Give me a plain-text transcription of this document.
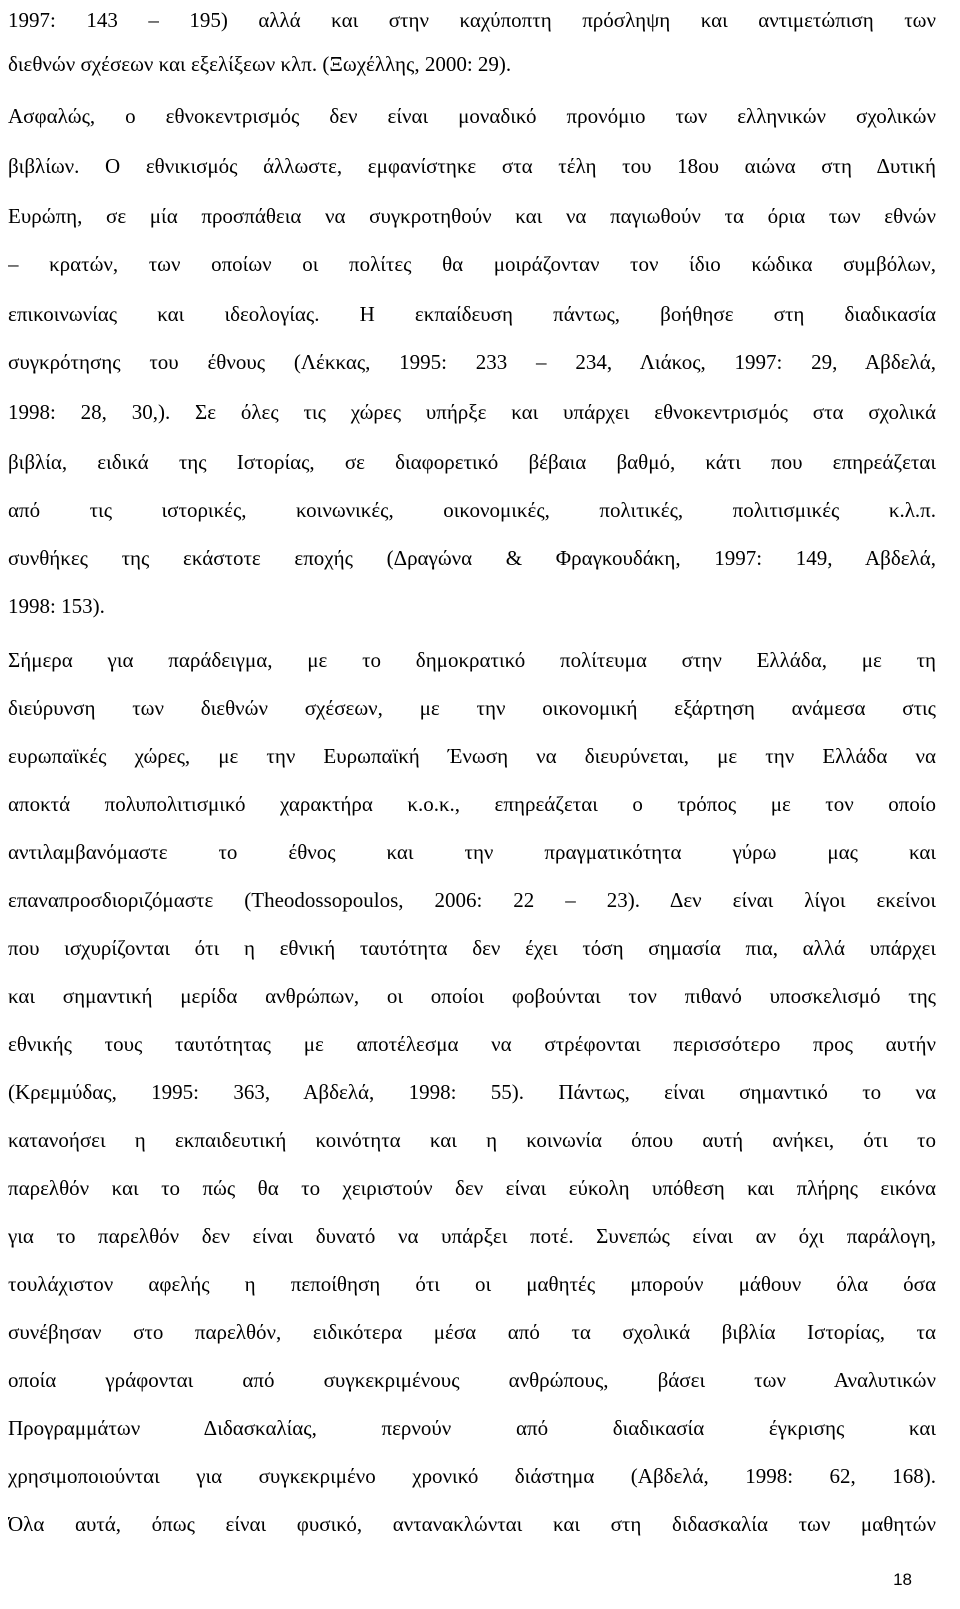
1997: 143 – 195) αλλά και στην καχύποπτη πρόσληψη και αντιμετώπιση των
διεθνών σχέσεων και εξελίξεων κλπ. (Ξωχέλλης, 2000: 29).
Ασφαλώς, ο εθνοκεντρισμός δεν είναι μοναδικό προνόμιο των ελληνικών σχολικών
βιβλίων. Ο εθνικισμός άλλωστε, εμφανίστηκε στα τέλη του 18ου αιώνα στη Δυτική
Ευρώπη, σε μία προσπάθεια να συγκροτηθούν και να παγιωθούν τα όρια των εθνών
– κρατών, των οποίων οι πολίτες θα μοιράζονταν τον ίδιο κώδικα συμβόλων,
επικοινωνίας και ιδεολογίας. Η εκπαίδευση πάντως, βοήθησε στη διαδικασία
συγκρότησης του έθνους (Λέκκας, 1995: 233 – 234, Λιάκος, 1997: 29, Αβδελά,
1998: 28, 30,). Σε όλες τις χώρες υπήρξε και υπάρχει εθνοκεντρισμός στα σχολικά
βιβλία, ειδικά της Ιστορίας, σε διαφορετικό βέβαια βαθμό, κάτι που επηρεάζεται
από τις ιστορικές, κοινωνικές, οικονομικές, πολιτικές, πολιτισμικές κ.λ.π.
συνθήκες της εκάστοτε εποχής (Δραγώνα & Φραγκουδάκη, 1997: 149, Αβδελά,
1998: 153).
Σήμερα για παράδειγμα, με το δημοκρατικό πολίτευμα στην Ελλάδα, με τη
διεύρυνση των διεθνών σχέσεων, με την οικονομική εξάρτηση ανάμεσα στις
ευρωπαϊκές χώρες, με την Ευρωπαϊκή Ένωση να διευρύνεται, με την Ελλάδα να
αποκτά πολυπολιτισμικό χαρακτήρα κ.ο.κ., επηρεάζεται ο τρόπος με τον οποίο
αντιλαμβανόμαστε το έθνος και την πραγματικότητα γύρω μας και
επαναπροσδιοριζόμαστε (Theodossopoulos, 2006: 22 – 23). Δεν είναι λίγοι εκείνοι
που ισχυρίζονται ότι η εθνική ταυτότητα δεν έχει τόση σημασία πια, αλλά υπάρχει
και σημαντική μερίδα ανθρώπων, οι οποίοι φοβούνται τον πιθανό υποσκελισμό της
εθνικής τους ταυτότητας με αποτέλεσμα να στρέφονται περισσότερο προς αυτήν
(Κρεμμύδας, 1995: 363, Αβδελά, 1998: 55). Πάντως, είναι σημαντικό το να
κατανοήσει η εκπαιδευτική κοινότητα και η κοινωνία όπου αυτή ανήκει, ότι το
παρελθόν και το πώς θα το χειριστούν δεν είναι εύκολη υπόθεση και πλήρης εικόνα
για το παρελθόν δεν είναι δυνατό να υπάρξει ποτέ. Συνεπώς είναι αν όχι παράλογη,
τουλάχιστον αφελής η πεποίθηση ότι οι μαθητές μπορούν μάθουν όλα όσα
συνέβησαν στο παρελθόν, ειδικότερα μέσα από τα σχολικά βιβλία Ιστορίας, τα
οποία γράφονται από συγκεκριμένους ανθρώπους, βάσει των Αναλυτικών
Προγραμμάτων Διδασκαλίας, περνούν από διαδικασία έγκρισης και
χρησιμοποιούνται για συγκεκριμένο χρονικό διάστημα (Αβδελά, 1998: 62, 168).
Όλα αυτά, όπως είναι φυσικό, αντανακλώνται και στη διδασκαλία των μαθητών
18
